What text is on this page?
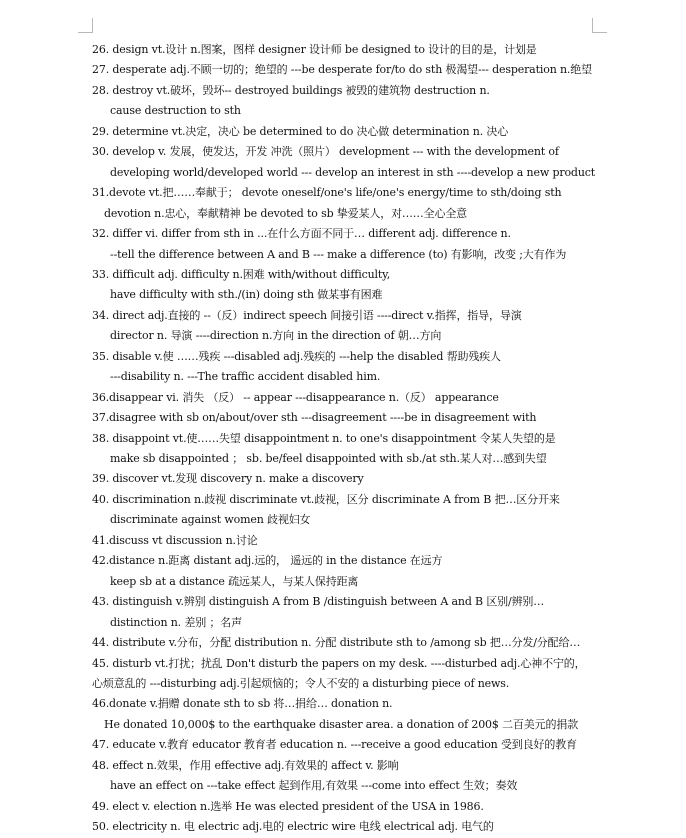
26. design vt.设计 n.图案，图样 designer 设计师 be designed to 设计的目的是，计划是
27. desperate adj.不顾一切的；绝望的 ---be desperate for/to do sth 极渴望--- desperation n.绝望
28. destroy vt.破坏，毁坏-- destroyed buildings 被毁的建筑物 destruction n.
cause destruction to sth
29. determine vt.决定，决心 be determined to do 决心做 determination n. 决心
30. develop v. 发展，使发达，开发 冲洗（照片） development --- with the development of
developing world/developed world --- develop an interest in sth ----develop a new product
31.devote vt.把……奉献于； devote oneself/one's life/one's energy/time to sth/doing sth
devotion n.忠心，奉献精神 be devoted to sb 挚爱某人，对……全心全意
32. differ vi. differ from sth in ...在什么方面不同于… different adj. difference n.
--tell the difference between A and B --- make a difference (to) 有影响，改变 ;大有作为
33. difficult adj. difficulty n.困难 with/without difficulty,
have difficulty with sth./(in) doing sth 做某事有困难
34. direct adj.直接的 --（反）indirect speech 间接引语 ----direct v.指挥，指导，导演
director n. 导演 ----direction n.方向 in the direction of 朝…方向
35. disable v.使 ……残疾 ---disabled adj.残疾的 ---help the disabled 帮助残疾人
---disability n. ---The traffic accident disabled him.
36.disappear vi. 消失 （反） -- appear ---disappearance n.（反） appearance
37.disagree with sb on/about/over sth ---disagreement ----be in disagreement with
38. disappoint vt.使……失望 disappointment n. to one's disappointment 令某人失望的是
make sb disappointed ； sb. be/feel disappointed with sb./at sth.某人对…感到失望
39. discover vt.发现 discovery n. make a discovery
40. discrimination n.歧视 discriminate vt.歧视，区分 discriminate A from B 把…区分开来
discriminate against women 歧视妇女
41.discuss vt discussion n.讨论
42.distance n.距离 distant adj.远的， 遥远的 in the distance 在远方
keep sb at a distance 疏远某人，与某人保持距离
43. distinguish v.辨别 distinguish A from B /distinguish between A and B 区别/辨别…
distinction n. 差别 ；名声
44. distribute v.分布，分配 distribution n. 分配 distribute sth to /among sb 把…分发/分配给…
45. disturb vt.打扰；扰乱 Don't disturb the papers on my desk. ----disturbed adj.心神不宁的，
心烦意乱的 ---disturbing adj.引起烦恼的；令人不安的 a disturbing piece of news.
46.donate v.捐赠 donate sth to sb 将…捐给… donation n.
He donated 10,000$ to the earthquake disaster area. a donation of 200$ 二百美元的捐款
47. educate v.教育 educator 教育者 education n. ---receive a good education 受到良好的教育
48. effect n.效果，作用 effective adj.有效果的 affect v. 影响
have an effect on ---take effect 起到作用,有效果 ---come into effect 生效；奏效
49. elect v. election n.选举 He was elected president of the USA in 1986.
50. electricity n. 电 electric adj.电的 electric wire 电线 electrical adj. 电气的
